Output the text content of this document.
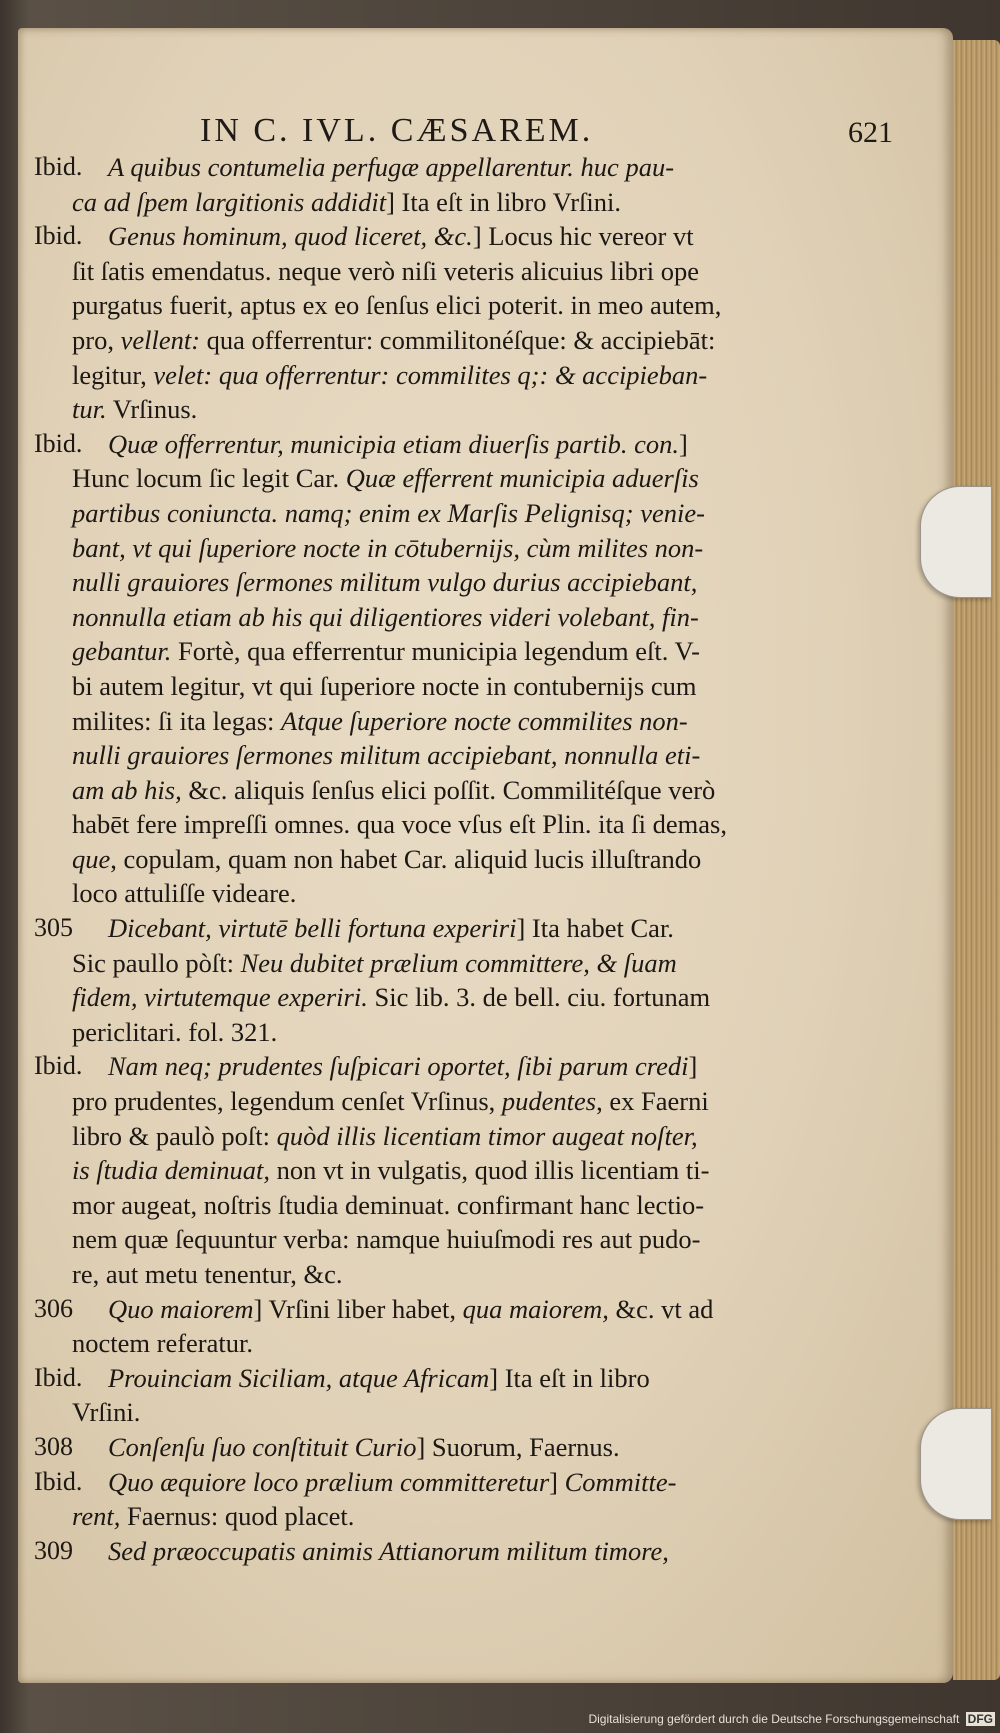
IN C. IVL. CÆSAREM.	621
Ibid. A quibus contumelia perfugæ appellarentur. huc pau-
ca ad ſpem largitionis addidit] Ita eſt in libro Vrſini.
Ibid. Genus hominum, quod liceret, &c.] Locus hic vereor vt
ſit ſatis emendatus. neque verò niſi veteris alicuius libri ope
purgatus fuerit, aptus ex eo ſenſus elici poterit. in meo autem,
pro, vellent: qua offerrentur: commilitonéſque: & accipiebāt:
legitur, velet: qua offerrentur: commilites q;: & accipieban-
tur. Vrſinus.
Ibid. Quæ offerrentur, municipia etiam diuerſis partib. con.]
Hunc locum ſic legit Car. Quæ efferrent municipia aduerſis
partibus coniuncta. namq; enim ex Marſis Pelignisq; venie-
bant, vt qui ſuperiore nocte in cōtubernijs, cùm milites non-
nulli grauiores ſermones militum vulgo durius accipiebant,
nonnulla etiam ab his qui diligentiores videri volebant, fin-
gebantur. Fortè, qua efferrentur municipia legendum eſt. V-
bi autem legitur, vt qui ſuperiore nocte in contubernijs cum
milites: ſi ita legas: Atque ſuperiore nocte commilites non-
nulli grauiores ſermones militum accipiebant, nonnulla eti-
am ab his, &c. aliquis ſenſus elici poſſit. Commilitéſque verò
habēt fere impreſſi omnes. qua voce vſus eſt Plin. ita ſi demas,
que, copulam, quam non habet Car. aliquid lucis illuſtrando
loco attuliſſe videare.
305	Dicebant, virtutē belli fortuna experiri] Ita habet Car.
Sic paullo pòſt: Neu dubitet prælium committere, & ſuam
fidem, virtutemque experiri. Sic lib. 3. de bell. ciu. fortunam
periclitari. fol. 321.
Ibid. Nam neq; prudentes ſuſpicari oportet, ſibi parum credi]
pro prudentes, legendum cenſet Vrſinus, pudentes, ex Faerni
libro & paulò poſt: quòd illis licentiam timor augeat noſter,
is ſtudia deminuat, non vt in vulgatis, quod illis licentiam ti-
mor augeat, noſtris ſtudia deminuat. confirmant hanc lectio-
nem quæ ſequuntur verba: namque huiuſmodi res aut pudo-
re, aut metu tenentur, &c.
306	Quo maiorem] Vrſini liber habet, qua maiorem, &c. vt ad
noctem referatur.
Ibid. Prouinciam Siciliam, atque Africam] Ita eſt in libro
Vrſini.
308	Conſenſu ſuo conſtituit Curio] Suorum, Faernus.
Ibid. Quo æquiore loco prælium committeretur] Committe-
rent, Faernus: quod placet.
309	Sed præoccupatis animis Attianorum militum timore,
Digitalisierung gefördert durch die Deutsche Forschungsgemeinschaft DFG
